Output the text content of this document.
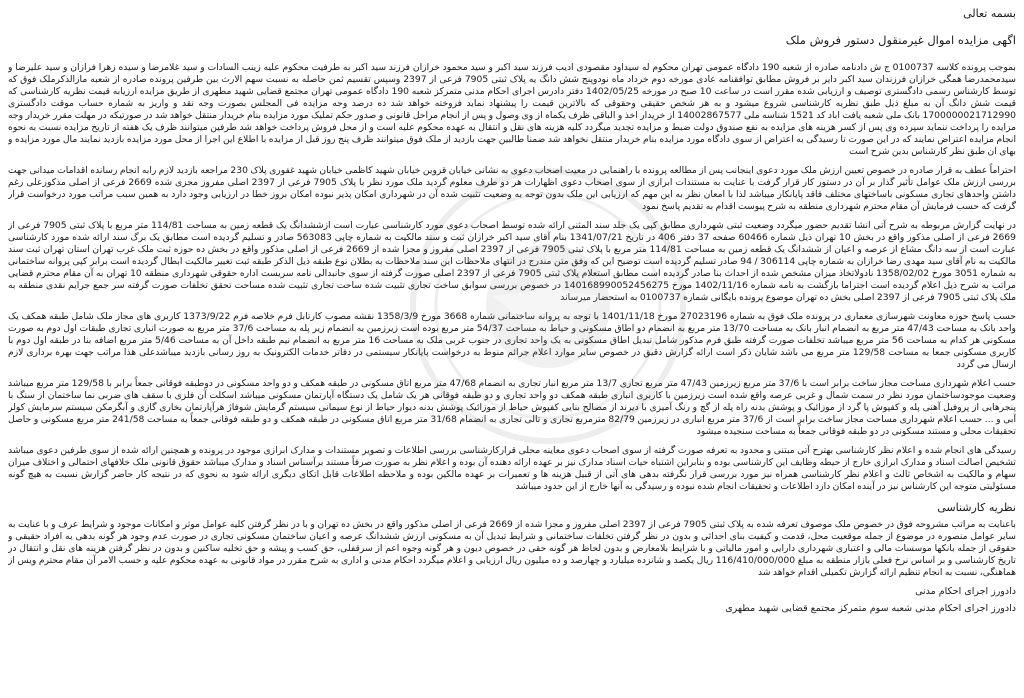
بسمه تعالی

اگهی مزایده اموال غیرمنقول دستور فروش ملک

بموجب پرونده کلاسه 0100737 ج ش دادنامه صادره از شعبه 190 دادگاه عمومی تهران محکوم له سیداود مقصودی ادیب فرزند سید اکبر و سید محمود خرازان فرزند سید اکبر به طرفیت محکوم علیه زینب السادات و سید غلامرضا و سیده زهرا فرازان و سید علیرضا و سیدمحمدرضا همگی خرازان فرزندان سید اکبر دایر بر فروش مطابق توافقنامه عادی مورخه دوم خرداد ماه نودوپنج شش دانگ یه پلاک ثبتی 7905 فرعی از 2397 وسپس تقسیم ثمن حاصله به نسبت سهم الارث بین طرفین پرونده صادره از شعبه مازالذکرملک فوق که توسط کارشناس رسمی دادگستری توصیف و ارزیابی شده مقرر است در ساعت 10 صبح در مورخه 1402/05/25 دفتر دادرس اجرای احکام مدنی متمرکز شعبه 190 دادگاه عمومی تهران مجتمع قضایی شهید مطهری از طریق مزایده ارزیابه قیمت نظریه کارشناسی که قیمت شش دانگ آن به مبلغ ذیل طبق نظریه کارشناسی شروع میشود و به هر شخص حقیقی وحقوقی که بالاترین قیمت را پیشنهاد نماید فروخته خواهد شد ده درصد وجه مزایده فی المجلس بصورت وجه نقد و واریز به شماره حساب موقت دادگستری 1700000021712990 بانک ملی شعبه یافت اباد کد 1521 شناسه ملی 14002867577 از خریدار اخذ و الباقی ظرف یکماه از وی وصول و پس از انجام مراحل قانونی و صدور حکم تملیک مورد مزایده بنام خریدار منتقل خواهد شد در صورتیکه در مهلت مقرر خریدار وجه مزایده را پرداخت ننماید سپرده وی پس از کسر هزینه های مزایده به نفع صندوق دولت ضبط و مزایده تجدید میگردد کلیه هزینه های نقل و انتقال به عهده محکوم علیه است و از محل فروش پرداخت خواهد شد طرفین میتوانند ظرف یک هفته از تاریخ مزایده نسبت به نحوه انجام مزایده اعتراض نمایند که در این صورت تا رسیدگی به اعتراض از سوی دادگاه مورد مزایده بنام خریدار منتقل نخواهد شد ضمنا طالبین جهت بازدید از ملک فوق میتوانند ظرف پنج روز قبل از مزایده با اطلاع این اجرا از محل مورد مزایده بازدید نمایند مال مورد مزایده و بهای ان طبق نظر کارشناس بدین شرح است

احتراماً عطف به قرار صادره در خصوص تعیین ارزش ملک مورد دعوی اینجانب پس از مطالعه پرونده با راهنمایی در معیت اصحاب دعوی به نشانی خیابان قزوین خیابان شهید کاظمی خیابان شهید غفوری پلاک 230 مراجعه بازدید لازم رابه انجام رسانده اقدامات میدانی جهت بررسی ارزش ملک عوامل تأثیر گذار بر آن در دستور کار قرار گرفت با عنایت به مستندات ابرازی از سوی اصحاب دعوی اظهارات هر دو طرف معلوم گردید ملک مورد نظر با پلاک 7905 فرعی از 2397 اصلی مفروز مجزی شده 2669 فرعی از اصلی مذکورعلی رغم داشتن واحدهای تجاری مسکونی باساختهای مختلف فاقد پایانکار میباشد لذا با امعان نظر به این مهم که ارزیابی این ملک بدون توجه به وضعیت تثبیت شده آن در شهرداری امکان پذیر نبوده امکان بروز خطا در ارزیابی وجود دارد به همین سبب مراتب مورد درخواست قرار گرفت که حسب فرمایش آن مقام محترم شهرداری منطقه به شرح پیوست اقدام به تقدیم پاسخ نمود

در نهایت گزارش مربوطه به شرح آتی انشا تقدیم حضور میگردد وضعیت ثبتی شهرداری مطابق کپی یک جلد سند المثنی ارائه شده توسط اصحاب دعوی مورد کارشناسی عبارت است ازششدانگ یک قطعه زمین به مساحت 114/81 متر مربع با پلاک ثبتی 7905 فرعی از 2669 فرعی از اصلی مذکور واقع در بخش 10 تهران ذیل شماره 60466 صفحه 37 دفتر 406 در تاریخ 1341/07/21 بنام آقای سید اکبر خرازان ثبت و سند مالکیت به شماره چاپی 563083 صادر و تسلیم گردیده است مطابق یک برگ سند ارائه شده مورد کارشناسی عبارت است از سه دانگ مشاع از عرصه و اعیان از ششدانگ یک قطعه زمین به مساحت 114/81 متر مربع با پلاک ثبتی 7905 فرعی از 2397 اصلی مفروز و مجزا شده از 2669 فرعی از اصلی مذکور واقع در بخش ده حوزه ثبت ملک غرب تهران استان تهران ثبت سند مالکیت به نام آقای سید مهدی رضا خرازان به شماره چاپی 306114 / 94 صادر تسلیم گردیده است توضیح این که وفق متن مندرج در انتهای ملاحظات این سند ملاحظات به بطلان نوع طبقه ذیل الذکر طبقه ثبت تغییر مالکیت ابطال گردیده است برابر کپی پروانه ساختمانی به شماره 3051 مورخ 1358/02/02 نادولاتخاذ میزان مشخص شده از احداث بنا صادر گردیده است مطابق استعلام پلاک ثبتی 7905 فرعی از 2397 اصلی صورت گرفته از سوی جانبدالی نامه سریست اداره حقوقی شهرداری منطقه 10 تهران به آن مقام محترم قضایی مراتب به شرح ذیل اعلام گردیده است احتراما بازگشت به نامه شماره 1402/11/16 مورخ 140168990052456275 در خصوص بررسی سوابق ساخت تجاری تثبیت شده ساحت تجاری تثبیت شده مساحت تحقق تخلفات صورت گرفته سر جمع جرایم نقدی منطقه به ملک پلاک ثبتی 7905 فرعی از 2397 اصلی بخش ده تهران موضوع پرونده بایگانی شماره 0100737 به استحضار میرساند

حسب پاسخ حوزه معاونت شهرسازی معماری در پرونده ملک فوق به شماره 27023196 مورخ 1401/11/18 با توجه به پروانه ساختمانی شماره 3668 مورخ 1358/3/9 نقشه مصوب کارتابل فرم خلاصه فرم 1373/9/22 کاربری های مجاز ملک شامل طبقه همکف یک واحد بانک به مساحت 47/43 متر مربع به انضمام انبار بانک به مساحت 13/70 متر مربع به انضمام دو اطاق مسکونی و حیاط به مساحت 54/37 متر مربع بوده است زیرزمین به انضمام زیر پله به مساحت 37/6 متر مربع به صورت انباری تجاری طبقات اول دوم به صورت مسکونی هر کدام به مساحت 56 متر مربع میباشد تخلفات صورت گرفته طبق فرم مذکور شامل تبدیل اطاق مسکونی به یک واحد تجاری در جنوب غربی ملک به مساحت 16 متر مربع به انضمام نیم طبقه داخل آن به مساحت 5/46 متر مربع اضافه بنا در طبقه اول دوم با کاربری مسکونی جمعا به مساحت 129/58 متر مربع می باشد شایان ذکر است ارائه گزارش دقیق در خصوص سایر موارد اعلام جرائم منوط به درخواست پایانکار سیستمی در دفاتر خدمات الکترونیک به روز رسانی بازدید میباشدعلی هذا مراتب جهت بهره برداری لازم ارسال می گردد

حسب اعلام شهرداری مساحت مجاز ساخت برابر است با 37/6 متر مربع زیرزمین 47/43 متر مربع تجاری 13/7 متر مربع انبار تجاری به انضمام 47/68 متر مربع اتاق مسکونی در طبقه همکف و دو واحد مسکونی در دوطبقه فوقانی جمعاً برابر با 129/58 متر مربع میباشد وضعیت موجودساختمان مورد نظر در سمت شمال و غربی عرصه واقع شده است زیرزمین با کاربری انباری طبقه همکف دو واحد تجاری و دو طبقه فوقانی هر یک شامل یک دستگاه آپارتمان مسکونی میباشد اسکلت آن فلزی با سقف های ضربی نما ساختمان از سنگ با پنجرهایی از پروفیل آهنی پله و کفپوش پا گرد از موزائیک و پوشش بدنه راه پله از گچ و رنگ آمیزی با دیرند از مصالح بنایی کفپوش حیاط از موزائیک پوشش بدنه دیوار حیاط از نوع سیمانی سیستم گرمایش شوفاژ هرآپارتمان بخاری گازی و آبگرمکن سیستم سرمایش کولر آبی و ... حسب اعلام شهرداری مساحت مجاز ساخت برابر است از 37/6 متر مربع انباری در زیرزمین 82/79 مترمربع تجاری و تالی تجاری به انضمام 31/68 متر مربع اتاق مسکونی در طبقه همکف و دو طبقه فوقانی جمعاً به مساحت 241/58 متر مربع مسکونی و حاصل تحقیقات محلی و مستند مسکونی در دو طبقه فوقانی جمعاً به مساحت سنجیده میشود

رسیدگی های انجام شده و اعلام نظر کارشناسی بهترح آتی مبتنی و محدود به تعرفه صورت گرفته از سوی اصحاب دعوی معاینه محلی قرارکارشناسی بررسی اطلاعات و تصویر مستندات و مدارک ابرازی موجود در پرونده و همچنین ارائه شده از سوی طرفین دعوی میباشد تشخیص اصالت اسناد و مدارک ابرازی خارج از حیطه وظایف این کارشناسی بوده و بنابراین اشتباه حیات اسناد مدارک نیز بر عهده ارائه دهنده آن بوده و اعلام نظر به صورت صرفاً مستند برآسناس اسناد و مدارک میباشد حقوق قانونی ملک خلافهای احتمالی و اختلاف میزان سهام و مالکیت به اشخاص ثالث و اعلام نظر کارشناسی همراه نیز مورد بررسی قرار نگرفته بدهی های آتی از قبیل هزینه ها و تعمیرات بر عهده مالکین بوده و ملاحظه اطلاعات قابل اتکای دیگری ارائه شود به نحوی که در نتیجه کار حاضر گزارش نسبت به هیچ گونه مسئولیتی متوجه این کارشناس نیز در آینده امکان دارد اطلاعات و تحقیقات انجام شده نبوده و رسیدگی به آنها خارج از این حدود میباشد

نظریه کارشناسی

باعنایت به مراتب مشروحه فوق در خصوص ملک موصوف تعرفه شده به پلاک ثبتی 7905 فرعی از 2397 اصلی مفروز و مجزا شده از 2669 فرعی از اصلی مذکور واقع در بخش ده تهران و با در نظر گرفتن کلیه عوامل موثر و امکانات موجود و شرایط عرف و با عنایت به سایر عوامل منصوره در موضوع از جمله موقعیت محل، قدمت و کیفیت بنای احداثی و بدون در نظر گرفتن تخلفات ساختمانی و شرایط تبدیل آن به مسکونی ارزش ششدانگ عرصه و اعیان ساختمان مسکونی تجاری در صورت عدم وجود هر گونه بدهی به افراد حقیقی و حقوقی از جمله بانکها موسسات مالی و اعتباری شهرداری دارایی و امور مالیاتی و با شرایط بلامعارض و بدون لحاظ هر گونه حقی در خصوص دیون و هر گونه وجوه اعم از سرقفلی، حق کسب و پیشه و حق تخلیه ساکنین و بدون در نظر گرفتن هزینه های نقل و انتقال در تاریخ کارشناسی و بر اساس نرخ فعلی بازار منطقه به مبلغ 116/410/000/000 ریال یکصد و شانزده میلیارد و چهارصد و ده میلیون ریال ارزیابی و اعلام میگردد احکام مدنی و اداری به شرح مقرر در مواد قانونی به عهده محکوم علیه و حسب الامر آن مقام محترم ویس از هماهنگی، نسبت به انجام تنظیم ارائه گزارش تکمیلی اقدام خواهد شد

دادورز اجرای احکام مدنی

دادورز اجرای احکام مدنی شعبه سوم متمرکز مجتمع قضایی شهید مطهری
